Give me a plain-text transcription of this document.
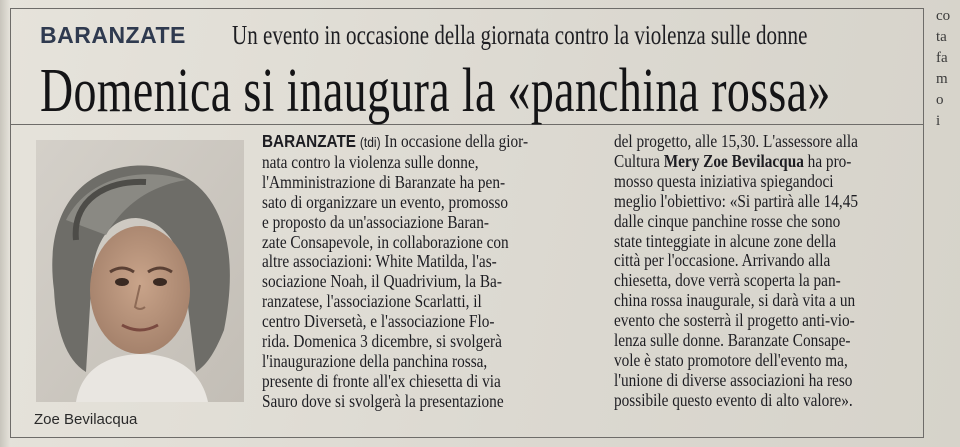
BARANZATE Un evento in occasione della giornata contro la violenza sulle donne
Domenica si inaugura la «panchina rossa»
Zoe Bevilacqua
BARANZATE (tdi) In occasione della gior-
nata contro la violenza sulle donne,
l'Amministrazione di Baranzate ha pen-
sato di organizzare un evento, promosso
e proposto da un'associazione Baran-
zate Consapevole, in collaborazione con
altre associazioni: White Matilda, l'as-
sociazione Noah, il Quadrivium, la Ba-
ranzatese, l'associazione Scarlatti, il
centro Diversetà, e l'associazione Flo-
rida. Domenica 3 dicembre, si svolgerà
l'inaugurazione della panchina rossa,
presente di fronte all'ex chiesetta di via
Sauro dove si svolgerà la presentazione
del progetto, alle 15,30. L'assessore alla
Cultura Mery Zoe Bevilacqua ha pro-
mosso questa iniziativa spiegandoci
meglio l'obiettivo: «Si partirà alle 14,45
dalle cinque panchine rosse che sono
state tinteggiate in alcune zone della
città per l'occasione. Arrivando alla
chiesetta, dove verrà scoperta la pan-
china rossa inaugurale, si darà vita a un
evento che sosterrà il progetto anti-vio-
lenza sulle donne. Baranzate Consape-
vole è stato promotore dell'evento ma,
l'unione di diverse associazioni ha reso
possibile questo evento di alto valore».
co
ta
fa
m
o
i
